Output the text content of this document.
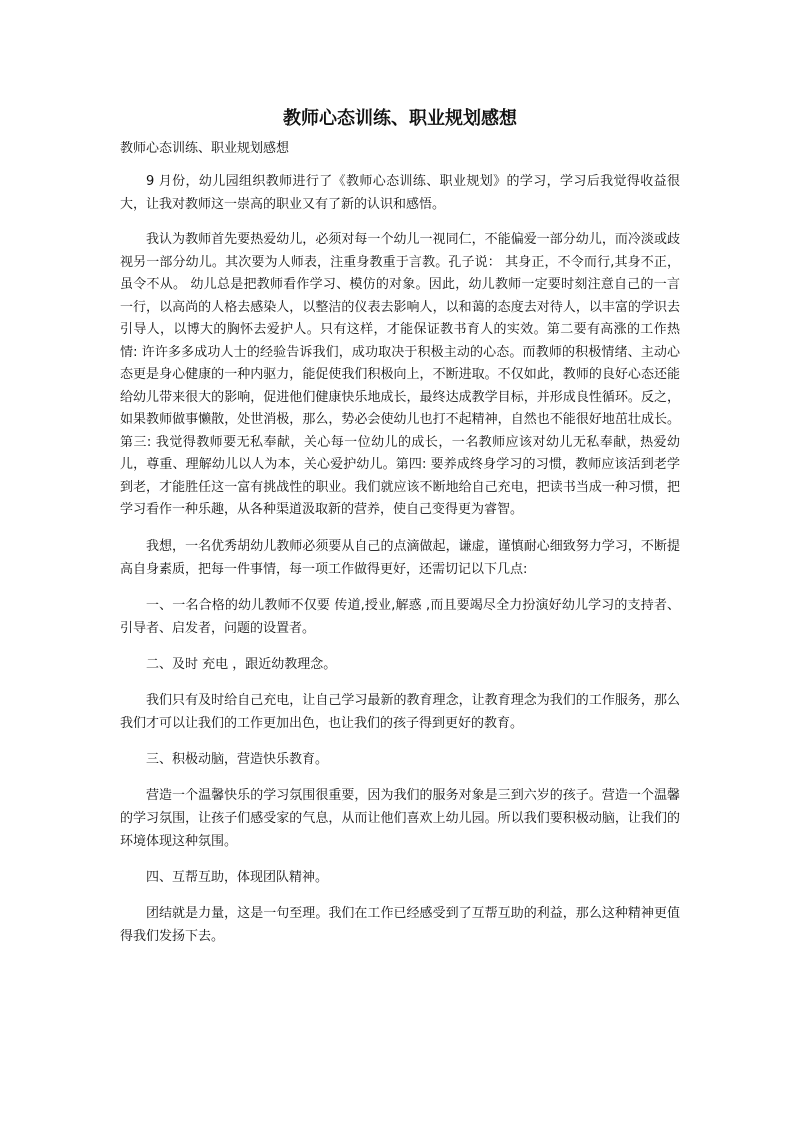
教师心态训练、职业规划感想
教师心态训练、职业规划感想

9 月份，幼儿园组织教师进行了《教师心态训练、职业规划》的学习，学习后我觉得收益很大，让我对教师这一崇高的职业又有了新的认识和感悟。

我认为教师首先要热爱幼儿，必须对每一个幼儿一视同仁，不能偏爱一部分幼儿，而冷淡或歧视另一部分幼儿。其次要为人师表，注重身教重于言教。孔子说： 其身正，不令而行,其身不正，虽令不从。 幼儿总是把教师看作学习、模仿的对象。因此，幼儿教师一定要时刻注意自己的一言一行，以高尚的人格去感染人，以整洁的仪表去影响人，以和蔼的态度去对待人，以丰富的学识去引导人，以博大的胸怀去爱护人。只有这样，才能保证教书育人的实效。第二要有高涨的工作热情: 许许多多成功人士的经验告诉我们，成功取决于积极主动的心态。而教师的积极情绪、主动心态更是身心健康的一种内驱力，能促使我们积极向上，不断进取。不仅如此，教师的良好心态还能给幼儿带来很大的影响，促进他们健康快乐地成长，最终达成教学目标，并形成良性循环。反之，如果教师做事懒散，处世消极，那么，势必会使幼儿也打不起精神，自然也不能很好地茁壮成长。第三: 我觉得教师要无私奉献，关心每一位幼儿的成长，一名教师应该对幼儿无私奉献，热爱幼儿，尊重、理解幼儿以人为本，关心爱护幼儿。第四: 要养成终身学习的习惯，教师应该活到老学到老，才能胜任这一富有挑战性的职业。我们就应该不断地给自己充电，把读书当成一种习惯，把学习看作一种乐趣，从各种渠道汲取新的营养，使自己变得更为睿智。

我想，一名优秀胡幼儿教师必须要从自己的点滴做起，谦虚，谨慎耐心细致努力学习，不断提高自身素质，把每一件事情，每一项工作做得更好，还需切记以下几点:

一、一名合格的幼儿教师不仅要 传道,授业,解惑 ,而且要竭尽全力扮演好幼儿学习的支持者、引导者、启发者，问题的设置者。

二、及时 充电 ，跟近幼教理念。

我们只有及时给自己充电，让自己学习最新的教育理念，让教育理念为我们的工作服务，那么我们才可以让我们的工作更加出色，也让我们的孩子得到更好的教育。

三、积极动脑，营造快乐教育。

营造一个温馨快乐的学习氛围很重要，因为我们的服务对象是三到六岁的孩子。营造一个温馨的学习氛围，让孩子们感受家的气息，从而让他们喜欢上幼儿园。所以我们要积极动脑，让我们的环境体现这种氛围。

四、互帮互助，体现团队精神。

团结就是力量，这是一句至理。我们在工作已经感受到了互帮互助的利益，那么这种精神更值得我们发扬下去。
